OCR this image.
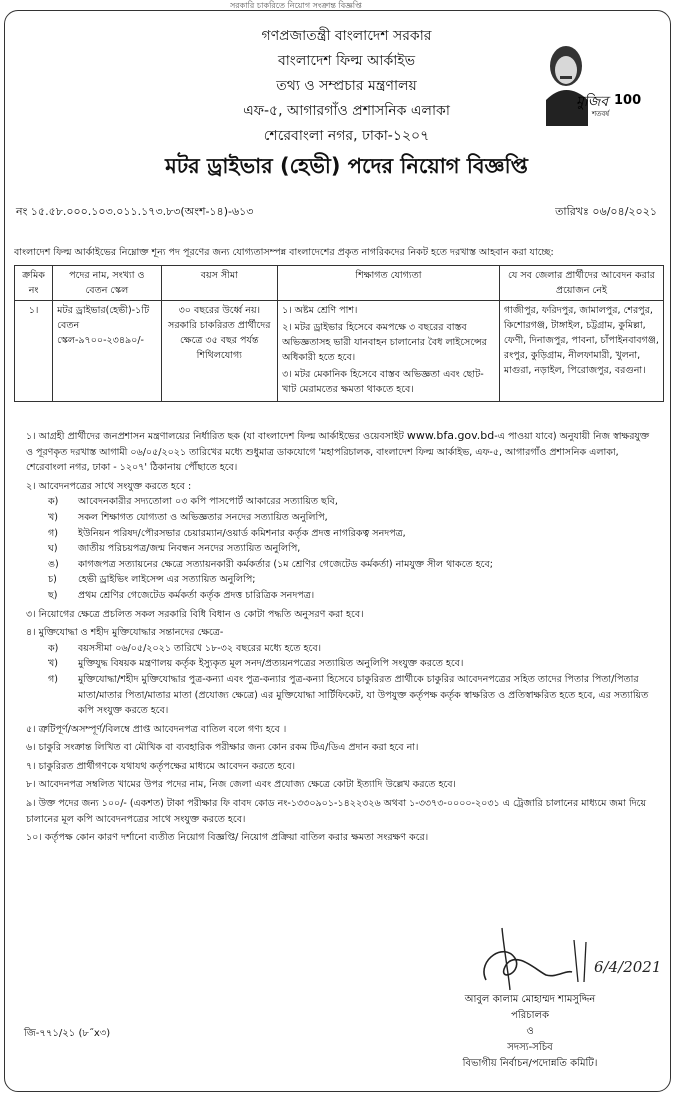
সরকারি চাকরিতে নিয়োগ সংক্রান্ত বিজ্ঞপ্তি
গণপ্রজাতন্ত্রী বাংলাদেশ সরকার
বাংলাদেশ ফিল্ম আর্কাইভ
তথ্য ও সম্প্রচার মন্ত্রণালয়
এফ-৫, আগারগাঁও প্রশাসনিক এলাকা
শেরেবাংলা নগর, ঢাকা-১২০৭
মুজিব 100
শতবর্ষ
মটর ড্রাইভার (হেভী) পদের নিয়োগ বিজ্ঞপ্তি
নং ১৫.৫৮.০০০.১০৩.০১১.১৭৩.৮৩(অংশ-১৪)-৬১৩	তারিখঃ ০৬/০৪/২০২১
বাংলাদেশ ফিল্ম আর্কাইভের নিম্নোক্ত শূন্য পদ পূরণের জন্য যোগ্যতাসম্পন্ন বাংলাদেশের প্রকৃত নাগরিকদের নিকট হতে দরখাস্ত আহবান করা যাচ্ছে:
ক্রমিক নং	পদের নাম, সংখ্যা ও বেতন স্কেল	বয়স সীমা	শিক্ষাগত যোগ্যতা	যে সব জেলার প্রার্থীদের আবেদন করার প্রয়োজন নেই
১।	মটর ড্রাইভার(হেভী)-১টি বেতন স্কেল-৯৭০০-২৩৪৯০/-	৩০ বছরের উর্ধ্বে নয়। সরকারি চাকরিরত প্রার্থীদের ক্ষেত্রে ৩৫ বছর পর্যন্ত শিথিলযোগ্য	১। অষ্টম শ্রেণি পাশ।
২। মটর ড্রাইভার হিসেবে কমপক্ষে ৩ বছরের বাস্তব অভিজ্ঞতাসহ ভারী যানবাহন চালানোর বৈধ লাইসেন্সের অধিকারী হতে হবে।
৩। মটর মেকানিক হিসেবে বাস্তব অভিজ্ঞতা এবং ছোট-খাট মেরামতের ক্ষমতা থাকতে হবে।	গাজীপুর, ফরিদপুর, জামালপুর, শেরপুর, কিশোরগঞ্জ, টাঙ্গাইল, চট্টগ্রাম, কুমিল্লা, ফেণী, দিনাজপুর, পাবনা, চাঁপাইনবাবগঞ্জ, রংপুর, কুড়িগ্রাম, নীলফামারী, খুলনা, মাগুরা, নড়াইল, পিরোজপুর, বরগুনা।

১। আগ্রহী প্রার্থীদের জনপ্রশাসন মন্ত্রণালয়ের নির্ধারিত ছক (যা বাংলাদেশ ফিল্ম আর্কাইভের ওয়েবসাইট www.bfa.gov.bd-এ পাওয়া যাবে) অনুযায়ী নিজ স্বাক্ষরযুক্ত ও পূরণকৃত দরখাস্ত আগামী ০৬/০৫/২০২১ তারিখের মধ্যে শুধুমাত্র ডাকযোগে 'মহাপরিচালক, বাংলাদেশ ফিল্ম আর্কাইভ, এফ-৫, আগারগাঁও প্রশাসনিক এলাকা, শেরেবাংলা নগর, ঢাকা - ১২০৭' ঠিকানায় পৌঁছাতে হবে।

২। আবেদনপত্রের সাথে সংযুক্ত করতে হবে :

ক)	আবেদনকারীর সদ্যতোলা ০৩ কপি পাসপোর্ট আকারের সত্যায়িত ছবি,
খ)	সকল শিক্ষাগত যোগ্যতা ও অভিজ্ঞতার সনদের সত্যায়িত অনুলিপি,
গ)	ইউনিয়ন পরিষদ/পৌরসভার চেয়ারম্যান/ওয়ার্ড কমিশনার কর্তৃক প্রদত্ত নাগরিকত্ব সনদপত্র,
ঘ)	জাতীয় পরিচয়পত্র/জন্ম নিবন্ধন সনদের সত্যায়িত অনুলিপি,
ঙ)	কাগজপত্র সত্যায়নের ক্ষেত্রে সত্যায়নকারী কর্মকর্তার (১ম শ্রেণির গেজেটেড কর্মকর্তা) নামযুক্ত সীল থাকতে হবে;
চ)	হেভী ড্রাইভিং লাইসেন্স এর সত্যায়িত অনুলিপি;
ছ)	প্রথম শ্রেণির গেজেটেড কর্মকর্তা কর্তৃক প্রদত্ত চারিত্রিক সনদপত্র।

৩। নিয়োগের ক্ষেত্রে প্রচলিত সকল সরকারি বিধি বিধান ও কোটা পদ্ধতি অনুসরণ করা হবে।

৪। মুক্তিযোদ্ধা ও শহীদ মুক্তিযোদ্ধার সন্তানদের ক্ষেত্রে-

ক)	বয়সসীমা ০৬/০৫/২০২১ তারিখে ১৮-৩২ বছরের মধ্যে হতে হবে।
খ)	মুক্তিযুদ্ধ বিষয়ক মন্ত্রণালয় কর্তৃক ইস্যুকৃত মূল সনদ/প্রত্যয়নপত্রের সত্যায়িত অনুলিপি সংযুক্ত করতে হবে।
গ)	মুক্তিযোদ্ধা/শহীদ মুক্তিযোদ্ধার পুত্র-কন্যা এবং পুত্র-কন্যার পুত্র-কন্যা হিসেবে চাকুরিরত প্রার্থীকে চাকুরির আবেদনপত্রের সহিত তাদের পিতার পিতা/পিতার মাতা/মাতার পিতা/মাতার মাতা (প্রযোজ্য ক্ষেত্রে) এর মুক্তিযোদ্ধা সার্টিফিকেট, যা উপযুক্ত কর্তৃপক্ষ কর্তৃক স্বাক্ষরিত ও প্রতিস্বাক্ষরিত হতে হবে, এর সত্যায়িত কপি সংযুক্ত করতে হবে।

৫। ত্রুটিপূর্ণ/অসম্পূর্ণ/বিলম্বে প্রাপ্ত আবেদনপত্র বাতিল বলে গণ্য হবে ।

৬। চাকুরি সংক্রান্ত লিখিত বা মৌখিক বা ব্যবহারিক পরীক্ষার জন্য কোন রকম টিএ/ডিএ প্রদান করা হবে না।

৭। চাকুরিরত প্রার্থীগণকে যথাযথ কর্তৃপক্ষের মাধ্যমে আবেদন করতে হবে।

৮। আবেদনপত্র সম্বলিত খামের উপর পদের নাম, নিজ জেলা এবং প্রযোজ্য ক্ষেত্রে কোটা ইত্যাদি উল্লেখ করতে হবে।

৯। উক্ত পদের জন্য ১০০/- (একশত) টাকা পরীক্ষার ফি বাবদ কোড নং-১৩৩০৯০১-১৪২২৩২৬ অথবা ১-৩৩৭৩-০০০০-২০৩১ এ ট্রেজারি চালানের মাধ্যমে জমা দিয়ে চালানের মূল কপি আবেদনপত্রের সাথে সংযুক্ত করতে হবে।

১০। কর্তৃপক্ষ কোন কারণ দর্শানো ব্যতীত নিয়োগ বিজ্ঞপ্তি/ নিয়োগ প্রক্রিয়া বাতিল করার ক্ষমতা সংরক্ষণ করে।

6/4/2021
আবুল কালাম মোহাম্মদ শামসুদ্দিন
পরিচালক
ও
সদস্য-সচিব
বিভাগীয় নির্বাচন/পদোন্নতি কমিটি।
জি-৭৭১/২১ (৮˝x৩)
